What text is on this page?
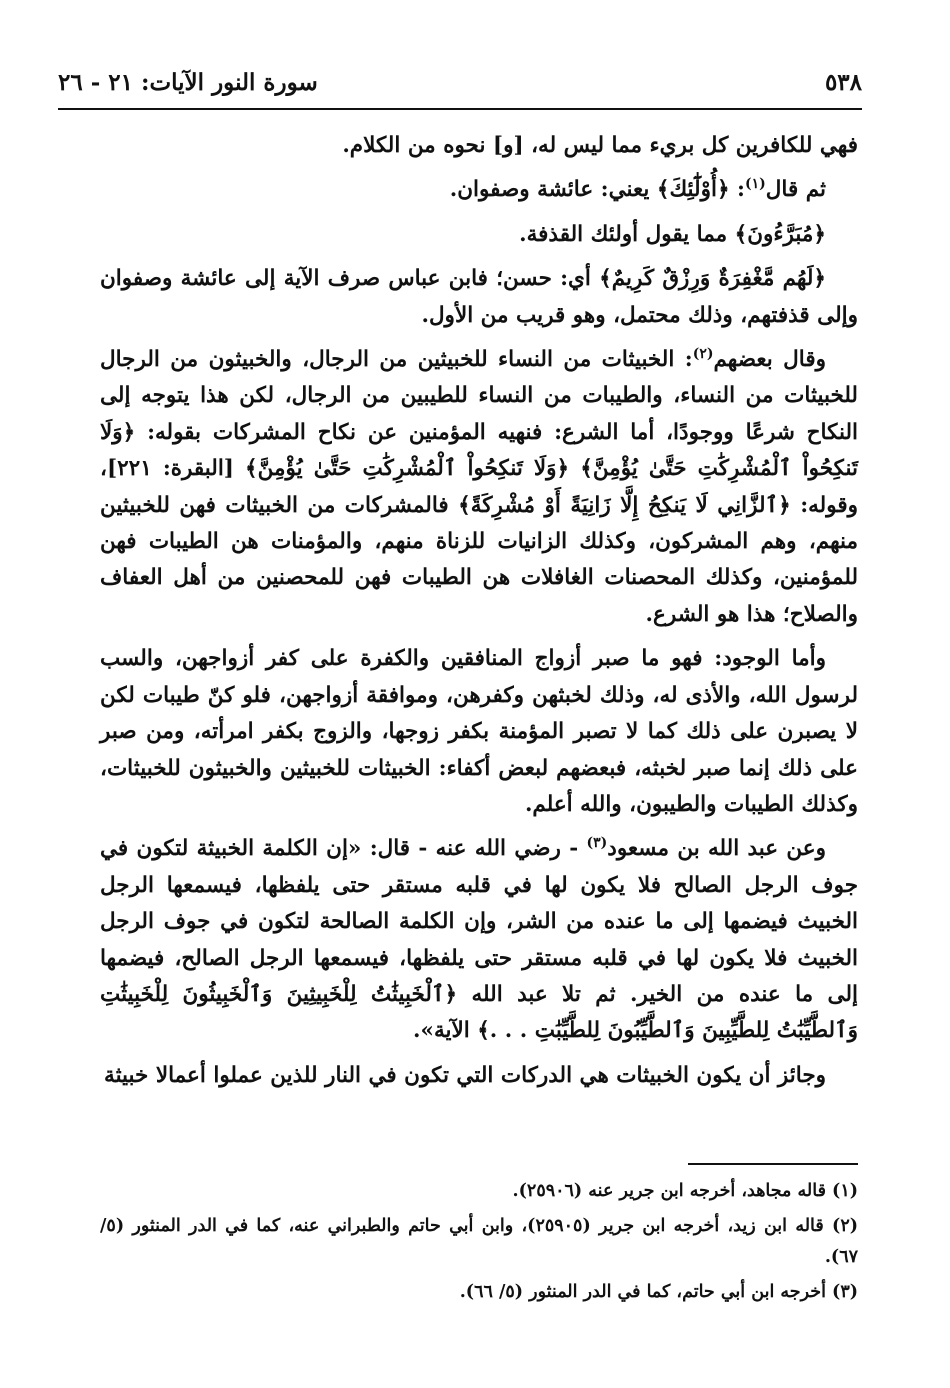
٥٣٨
سورة النور الآيات: ٢١ - ٢٦

فهي للكافرين كل بريء مما ليس له، [و] نحوه من الكلام.

ثم قال$^{(١)}$: ﴿أُوْلَٰٓئِكَ﴾ يعني: عائشة وصفوان.

﴿مُبَرَّءُونَ﴾ مما يقول أولئك القذفة.

﴿لَهُم مَّغْفِرَةٌ وَرِزْقٌ كَرِيمٌ﴾ أي: حسن؛ فابن عباس صرف الآية إلى عائشة وصفوان وإلى قذفتهم، وذلك محتمل، وهو قريب من الأول.

وقال بعضهم$^{(٢)}$: الخبيثات من النساء للخبيثين من الرجال، والخبيثون من الرجال للخبيثات من النساء، والطيبات من النساء للطيبين من الرجال، لكن هذا يتوجه إلى النكاح شرعًا ووجودًا، أما الشرع: فنهيه المؤمنين عن نكاح المشركات بقوله: ﴿وَلَا تَنكِحُواْ ٱلْمُشْرِكَٰتِ حَتَّىٰ يُؤْمِنَّ﴾ ﴿وَلَا تَنكِحُواْ ٱلْمُشْرِكَٰتِ حَتَّىٰ يُؤْمِنَّ﴾ [البقرة: ٢٢١]، وقوله: ﴿ٱلزَّانِي لَا يَنكِحُ إِلَّا زَانِيَةً أَوْ مُشْرِكَةً﴾ فالمشركات من الخبيثات فهن للخبيثين منهم، وهم المشركون، وكذلك الزانيات للزناة منهم، والمؤمنات هن الطيبات فهن للمؤمنين، وكذلك المحصنات الغافلات هن الطيبات فهن للمحصنين من أهل العفاف والصلاح؛ هذا هو الشرع.

وأما الوجود: فهو ما صبر أزواج المنافقين والكفرة على كفر أزواجهن، والسب لرسول الله، والأذى له، وذلك لخبثهن وكفرهن، وموافقة أزواجهن، فلو كنّ طيبات لكن لا يصبرن على ذلك كما لا تصبر المؤمنة بكفر زوجها، والزوج بكفر امرأته، ومن صبر على ذلك إنما صبر لخبثه، فبعضهم لبعض أكفاء: الخبيثات للخبيثين والخبيثون للخبيثات، وكذلك الطيبات والطيبون، والله أعلم.

وعن عبد الله بن مسعود$^{(٣)}$ - رضي الله عنه - قال: «إن الكلمة الخبيثة لتكون في جوف الرجل الصالح فلا يكون لها في قلبه مستقر حتى يلفظها، فيسمعها الرجل الخبيث فيضمها إلى ما عنده من الشر، وإن الكلمة الصالحة لتكون في جوف الرجل الخبيث فلا يكون لها في قلبه مستقر حتى يلفظها، فيسمعها الرجل الصالح، فيضمها إلى ما عنده من الخير. ثم تلا عبد الله ﴿ٱلْخَبِيثَٰتُ لِلْخَبِيثِينَ وَٱلْخَبِيثُونَ لِلْخَبِيثَٰتِ وَٱلطَّيِّبَٰتُ لِلطَّيِّبِينَ وَٱلطَّيِّبُونَ لِلطَّيِّبَٰتِ . . .﴾ الآية».

وجائز أن يكون الخبيثات هي الدركات التي تكون في النار للذين عملوا أعمالا خبيثة

(١) قاله مجاهد، أخرجه ابن جرير عنه (٢٥٩٠٦).

(٢) قاله ابن زيد، أخرجه ابن جرير (٢٥٩٠٥)، وابن أبي حاتم والطبراني عنه، كما في الدر المنثور (٥/ ٦٧).

(٣) أخرجه ابن أبي حاتم، كما في الدر المنثور (٥/ ٦٦).
